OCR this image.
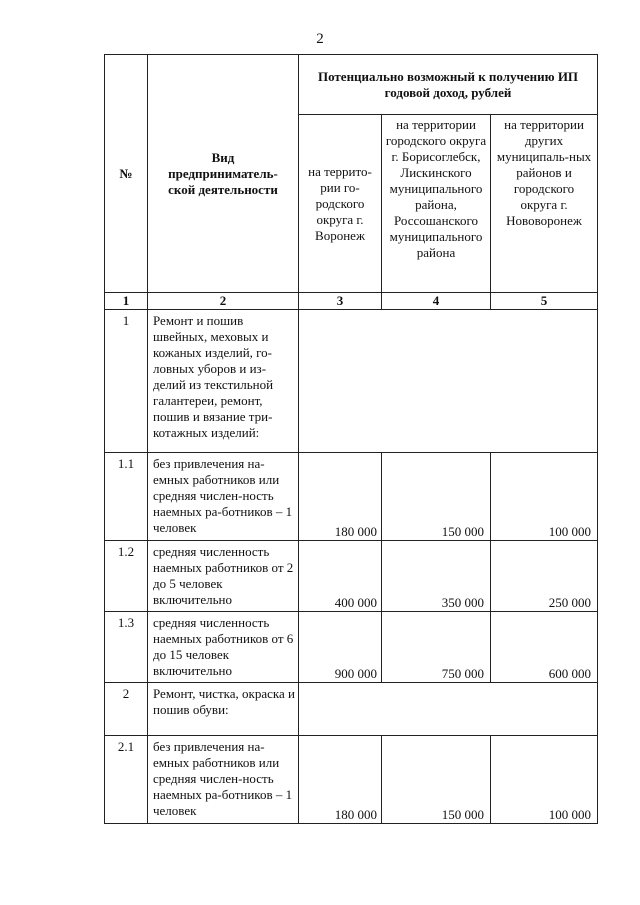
2
№	Вид предприниматель-ской деятельности	Потенциально возможный к получению ИП годовой доход, рублей		
		на террито-рии го-родского округа г. Воронеж	на территории городского округа г. Борисоглебск, Лискинского муниципального района, Россошанского муниципального района	на территории других муниципаль-ных районов и городского округа г. Нововоронеж
1	2	3	4	5
1	Ремонт и пошив швейных, меховых и кожаных изделий, го-ловных уборов и из-делий из текстильной галантереи, ремонт, пошив и вязание три-котажных изделий:			
1.1	без привлечения на-емных работников или средняя числен-ность наемных ра-ботников – 1 человек	180 000	150 000	100 000
1.2	средняя численность наемных работников от 2 до 5 человек включительно	400 000	350 000	250 000
1.3	средняя численность наемных работников от 6 до 15 человек включительно	900 000	750 000	600 000
2	Ремонт, чистка, окраска и пошив обуви:			
2.1	без привлечения на-емных работников или средняя числен-ность наемных ра-ботников – 1 человек	180 000	150 000	100 000
